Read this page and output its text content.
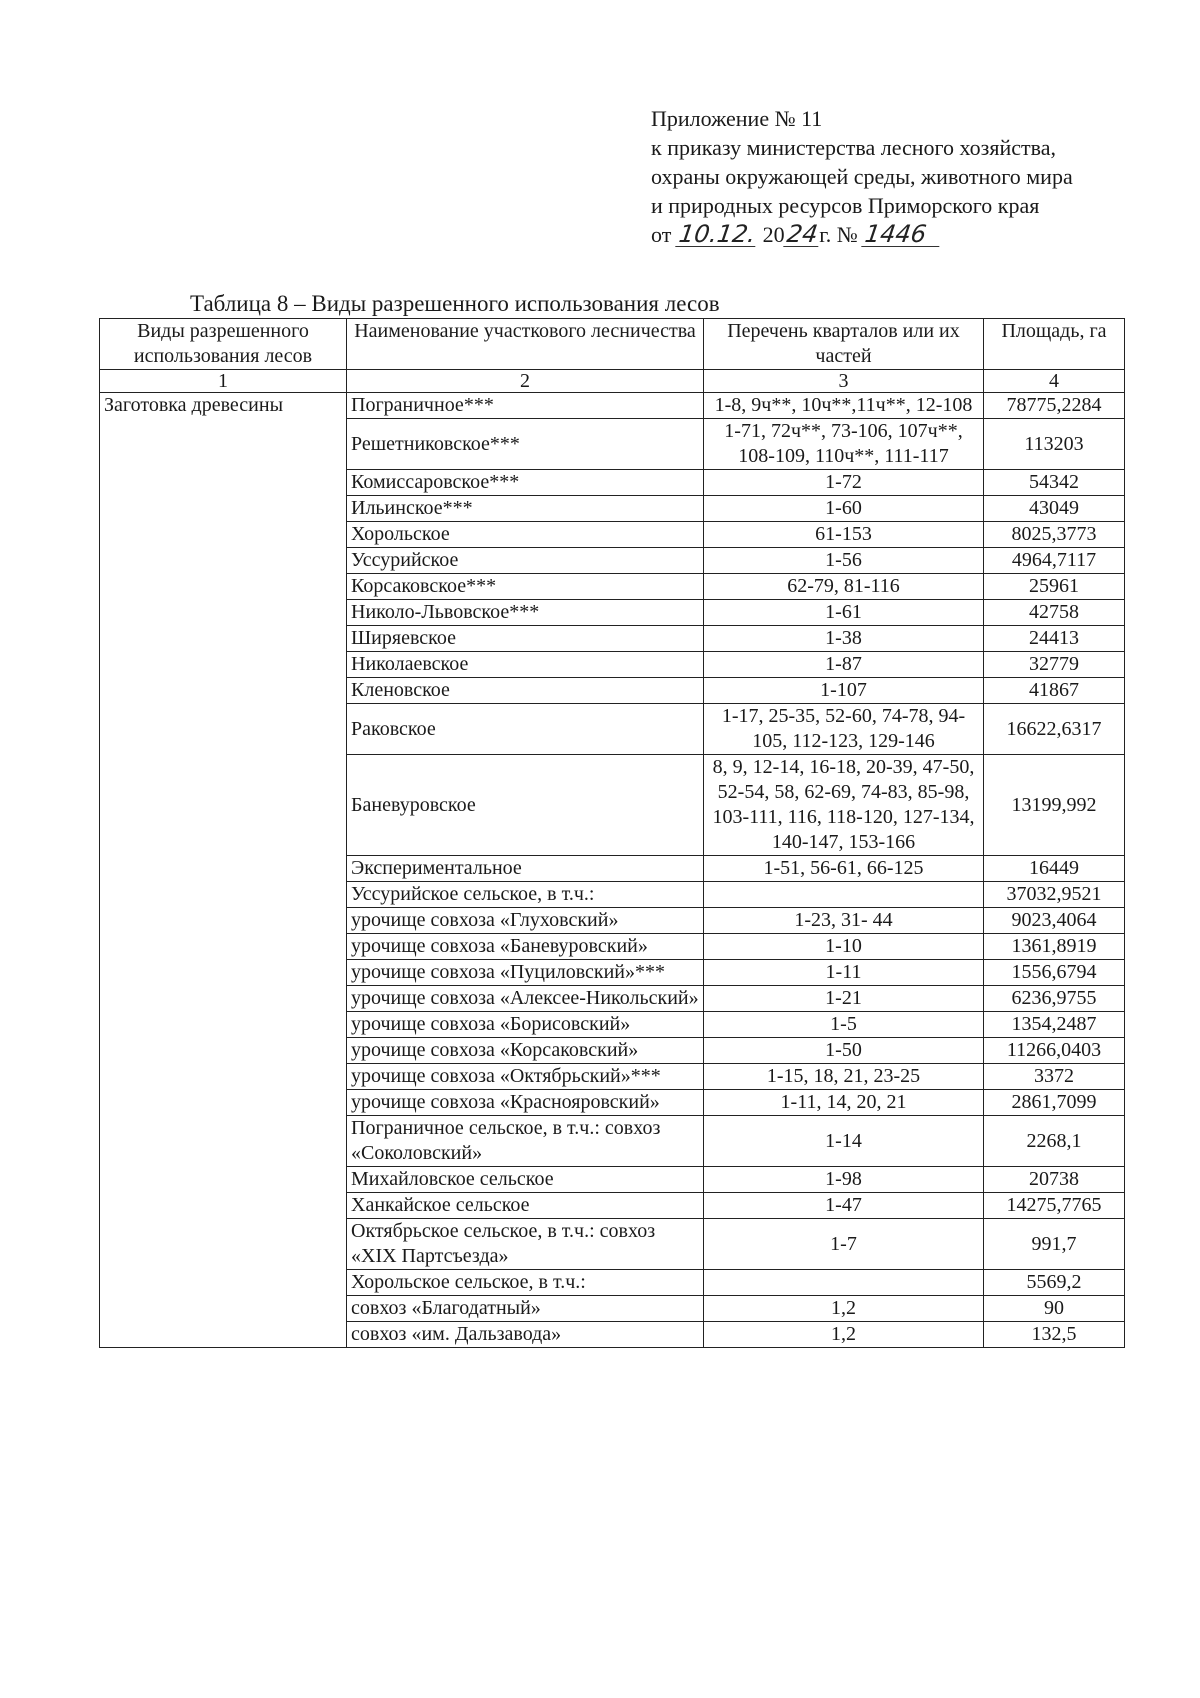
Приложение № 11
к приказу министерства лесного хозяйства,
охраны окружающей среды, животного мира
и природных ресурсов Приморского края
от 10.12. 2024г. № 1446
Таблица 8 – Виды разрешенного использования лесов
Виды разрешенного использования лесов	Наименование участкового лесничества	Перечень кварталов или их частей	Площадь, га
1	2	3	4
Заготовка древесины	Пограничное***	1-8, 9ч**, 10ч**,11ч**, 12-108	78775,2284
	Решетниковское***	1-71, 72ч**, 73-106, 107ч**, 108-109, 110ч**, 111-117	113203
	Комиссаровское***	1-72	54342
	Ильинское***	1-60	43049
	Хорольское	61-153	8025,3773
	Уссурийское	1-56	4964,7117
	Корсаковское***	62-79, 81-116	25961
	Николо-Львовское***	1-61	42758
	Ширяевское	1-38	24413
	Николаевское	1-87	32779
	Кленовское	1-107	41867
	Раковское	1-17, 25-35, 52-60, 74-78, 94-105, 112-123, 129-146	16622,6317
	Баневуровское	8, 9, 12-14, 16-18, 20-39, 47-50, 52-54, 58, 62-69, 74-83, 85-98, 103-111, 116, 118-120, 127-134, 140-147, 153-166	13199,992
	Экспериментальное	1-51, 56-61, 66-125	16449
	Уссурийское сельское, в т.ч.:		37032,9521
	урочище совхоза «Глуховский»	1-23, 31- 44	9023,4064
	урочище совхоза «Баневуровский»	1-10	1361,8919
	урочище совхоза «Пуциловский»***	1-11	1556,6794
	урочище совхоза «Алексее-Никольский»	1-21	6236,9755
	урочище совхоза «Борисовский»	1-5	1354,2487
	урочище совхоза «Корсаковский»	1-50	11266,0403
	урочище совхоза «Октябрьский»***	1-15, 18, 21, 23-25	3372
	урочище совхоза «Краснояровский»	1-11, 14, 20, 21	2861,7099
	Пограничное сельское, в т.ч.: совхоз «Соколовский»	1-14	2268,1
	Михайловское сельское	1-98	20738
	Ханкайское сельское	1-47	14275,7765
	Октябрьское сельское, в т.ч.: совхоз «XIX Партсъезда»	1-7	991,7
	Хорольское сельское, в т.ч.:		5569,2
	совхоз «Благодатный»	1,2	90
	совхоз «им. Дальзавода»	1,2	132,5
